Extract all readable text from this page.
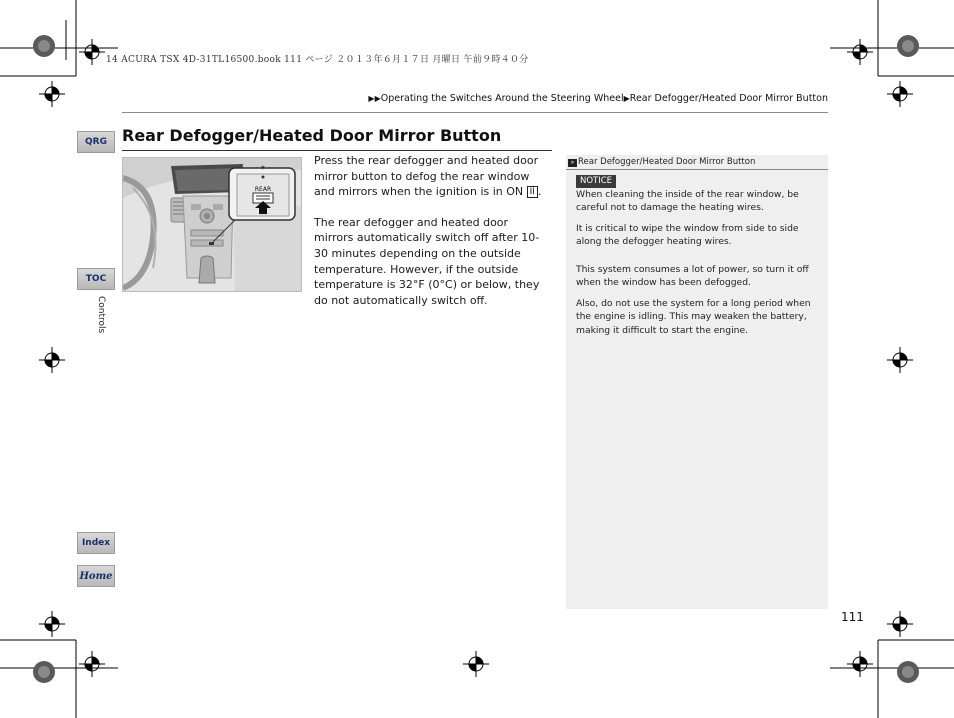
14 ACURA TSX 4D-31TL16500.book 111 ページ ２０１３年６月１７日 月曜日 午前９時４０分
▶▶Operating the Switches Around the Steering Wheel▶Rear Defogger/Heated Door Mirror Button
QRG
TOC
Index
Home
Controls
Rear Defogger/Heated Door Mirror Button
· ✶ ·
REAR

Press the rear defogger and heated door mirror button to defog the rear window and mirrors when the ignition is in ON II .

The rear defogger and heated door mirrors automatically switch off after 10-30 minutes depending on the outside temperature. However, if the outside temperature is 32°F (0°C) or below, they do not automatically switch off.

» Rear Defogger/Heated Door Mirror Button
NOTICE
When cleaning the inside of the rear window, be careful not to damage the heating wires.
It is critical to wipe the window from side to side along the defogger heating wires.
This system consumes a lot of power, so turn it off when the window has been defogged.
Also, do not use the system for a long period when the engine is idling. This may weaken the battery, making it difficult to start the engine.
111
